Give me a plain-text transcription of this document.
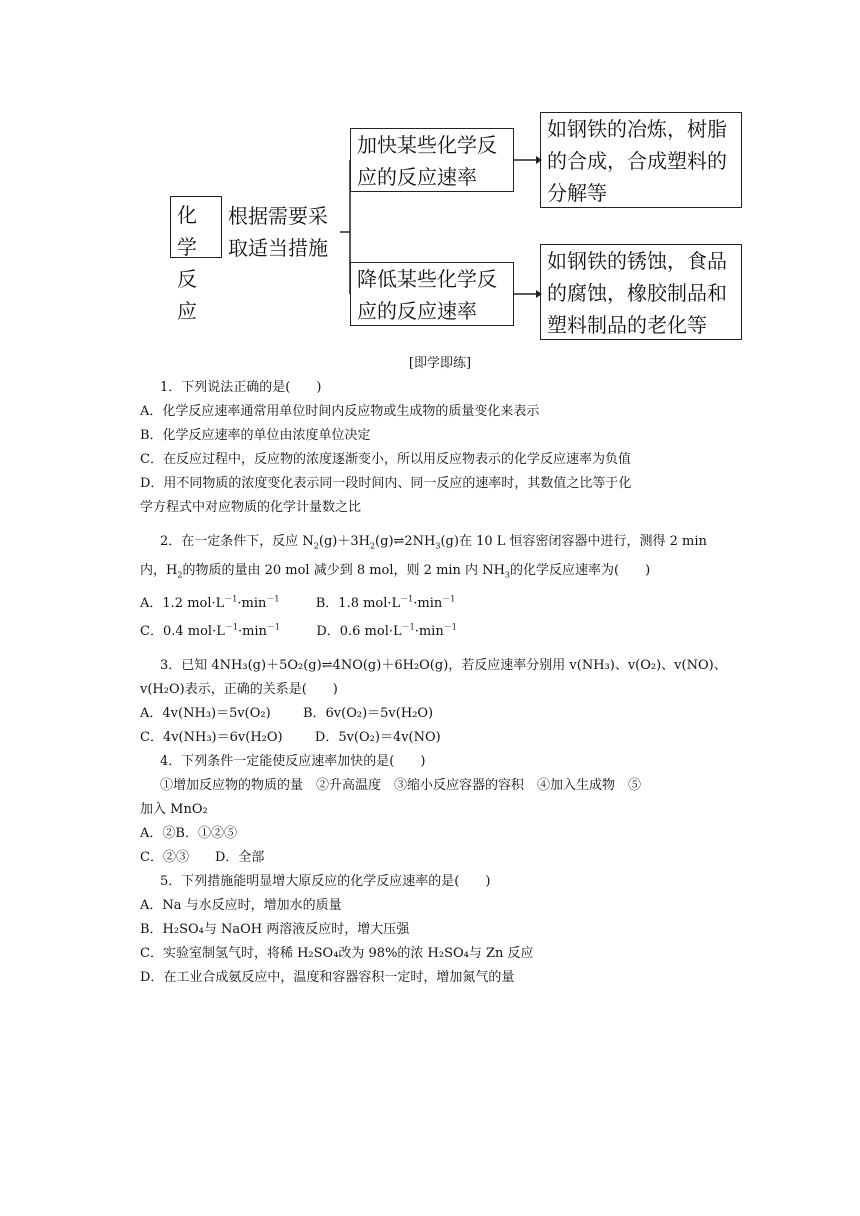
化学
反应
根据需要采
取适当措施
加快某些化学反
应的反应速率
降低某些化学反
应的反应速率
如钢铁的冶炼，树脂
的合成，合成塑料的
分解等
如钢铁的锈蚀，食品
的腐蚀，橡胶制品和
塑料制品的老化等
[即学即练]
1．下列说法正确的是(　　)
A．化学反应速率通常用单位时间内反应物或生成物的质量变化来表示
B．化学反应速率的单位由浓度单位决定
C．在反应过程中，反应物的浓度逐渐变小，所以用反应物表示的化学反应速率为负值
D．用不同物质的浓度变化表示同一段时间内、同一反应的速率时，其数值之比等于化
学方程式中对应物质的化学计量数之比
2．在一定条件下，反应 $N_2(g)+3H_2(g)\rightleftharpoons 2NH_3(g)$在 10 L 恒容密闭容器中进行，测得 2 min
内，$H_2$的物质的量由 20 mol 减少到 8 mol，则 2 min 内 $NH_3$的化学反应速率为(　　)
A．1.2 $mol\cdot L^{-1}\cdot\min^{-1}$	B．1.8 $mol\cdot L^{-1}\cdot\min^{-1}$
C．0.4 $mol\cdot L^{-1}\cdot\min^{-1}$	D．0.6 $mol\cdot L^{-1}\cdot\min^{-1}$
3．已知 4NH₃(g)＋5O₂(g)⇌4NO(g)＋6H₂O(g)，若反应速率分别用 v(NH₃)、v(O₂)、v(NO)、
v(H₂O)表示，正确的关系是(　　)
A．4v(NH₃)＝5v(O₂) B．6v(O₂)＝5v(H₂O)
C．4v(NH₃)＝6v(H₂O) D．5v(O₂)＝4v(NO)
4．下列条件一定能使反应速率加快的是(　　)
①增加反应物的物质的量　②升高温度　③缩小反应容器的容积　④加入生成物　⑤
加入 MnO₂
A．②B．①②⑤
C．②③　　D．全部
5．下列措施能明显增大原反应的化学反应速率的是(　　)
A．Na 与水反应时，增加水的质量
B．H₂SO₄与 NaOH 两溶液反应时，增大压强
C．实验室制氢气时，将稀 H₂SO₄改为 98%的浓 H₂SO₄与 Zn 反应
D．在工业合成氨反应中，温度和容器容积一定时，增加氮气的量
